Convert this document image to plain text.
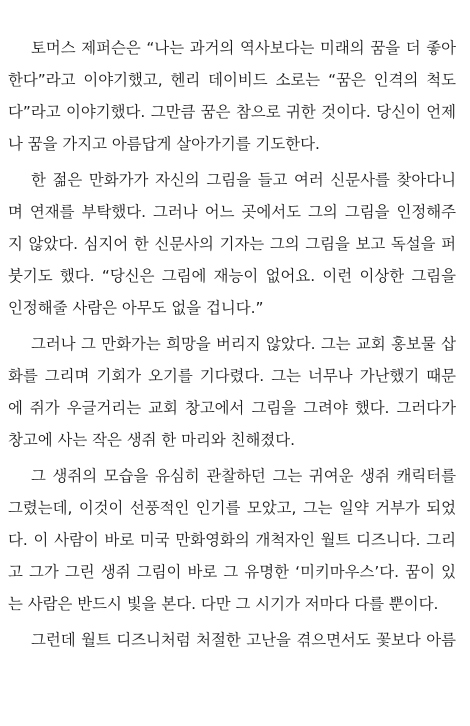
토머스 제퍼슨은 “나는 과거의 역사보다는 미래의 꿈을 더 좋아

한다”라고 이야기했고, 헨리 데이비드 소로는 “꿈은 인격의 척도

다”라고 이야기했다. 그만큼 꿈은 참으로 귀한 것이다. 당신이 언제

나 꿈을 가지고 아름답게 살아가기를 기도한다.

한 젊은 만화가가 자신의 그림을 들고 여러 신문사를 찾아다니

며 연재를 부탁했다. 그러나 어느 곳에서도 그의 그림을 인정해주

지 않았다. 심지어 한 신문사의 기자는 그의 그림을 보고 독설을 퍼

붓기도 했다. “당신은 그림에 재능이 없어요. 이런 이상한 그림을

인정해줄 사람은 아무도 없을 겁니다.”

그러나 그 만화가는 희망을 버리지 않았다. 그는 교회 홍보물 삽

화를 그리며 기회가 오기를 기다렸다. 그는 너무나 가난했기 때문

에 쥐가 우글거리는 교회 창고에서 그림을 그려야 했다. 그러다가

창고에 사는 작은 생쥐 한 마리와 친해졌다.

그 생쥐의 모습을 유심히 관찰하던 그는 귀여운 생쥐 캐릭터를

그렸는데, 이것이 선풍적인 인기를 모았고, 그는 일약 거부가 되었

다. 이 사람이 바로 미국 만화영화의 개척자인 월트 디즈니다. 그리

고 그가 그린 생쥐 그림이 바로 그 유명한 ‘미키마우스’다. 꿈이 있

는 사람은 반드시 빛을 본다. 다만 그 시기가 저마다 다를 뿐이다.

그런데 월트 디즈니처럼 처절한 고난을 겪으면서도 꽃보다 아름
